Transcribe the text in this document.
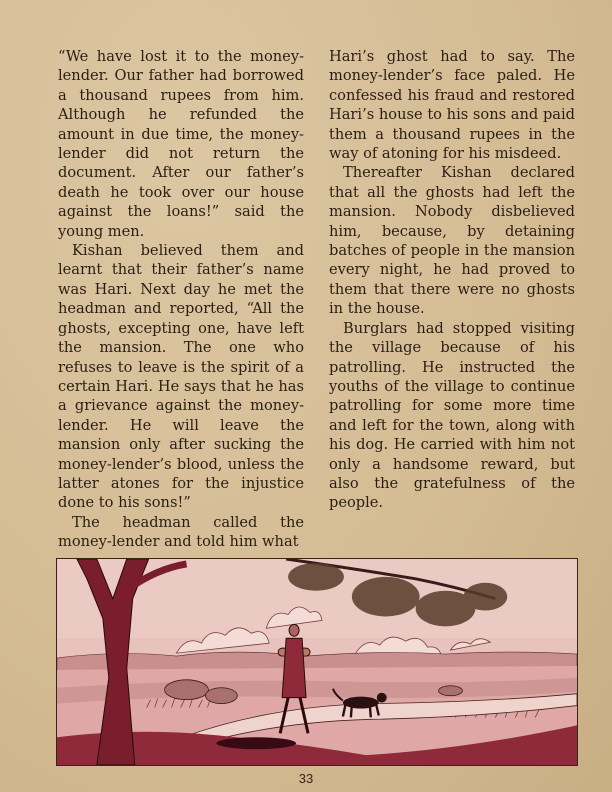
“We have lost it to the money-lender. Our father had borrowed a thousand rupees from him. Although he refunded the amount in due time, the money-lender did not return the document. After our father’s death he took over our house against the loans!” said the young men.

Kishan believed them and learnt that their father’s name was Hari. Next day he met the headman and reported, “All the ghosts, excepting one, have left the mansion. The one who refuses to leave is the spirit of a certain Hari. He says that he has a grievance against the money-lender. He will leave the mansion only after sucking the money-lender’s blood, unless the latter atones for the injustice done to his sons!”

The headman called the money-lender and told him what

Hari’s ghost had to say. The money-lender’s face paled. He confessed his fraud and restored Hari’s house to his sons and paid them a thousand rupees in the way of atoning for his misdeed.

Thereafter Kishan declared that all the ghosts had left the mansion. Nobody disbelieved him, because, by detaining batches of people in the mansion every night, he had proved to them that there were no ghosts in the house.

Burglars had stopped visiting the village because of his patrolling. He instructed the youths of the village to continue patrolling for some more time and left for the town, along with his dog. He carried with him not only a handsome reward, but also the gratefulness of the people.

33
